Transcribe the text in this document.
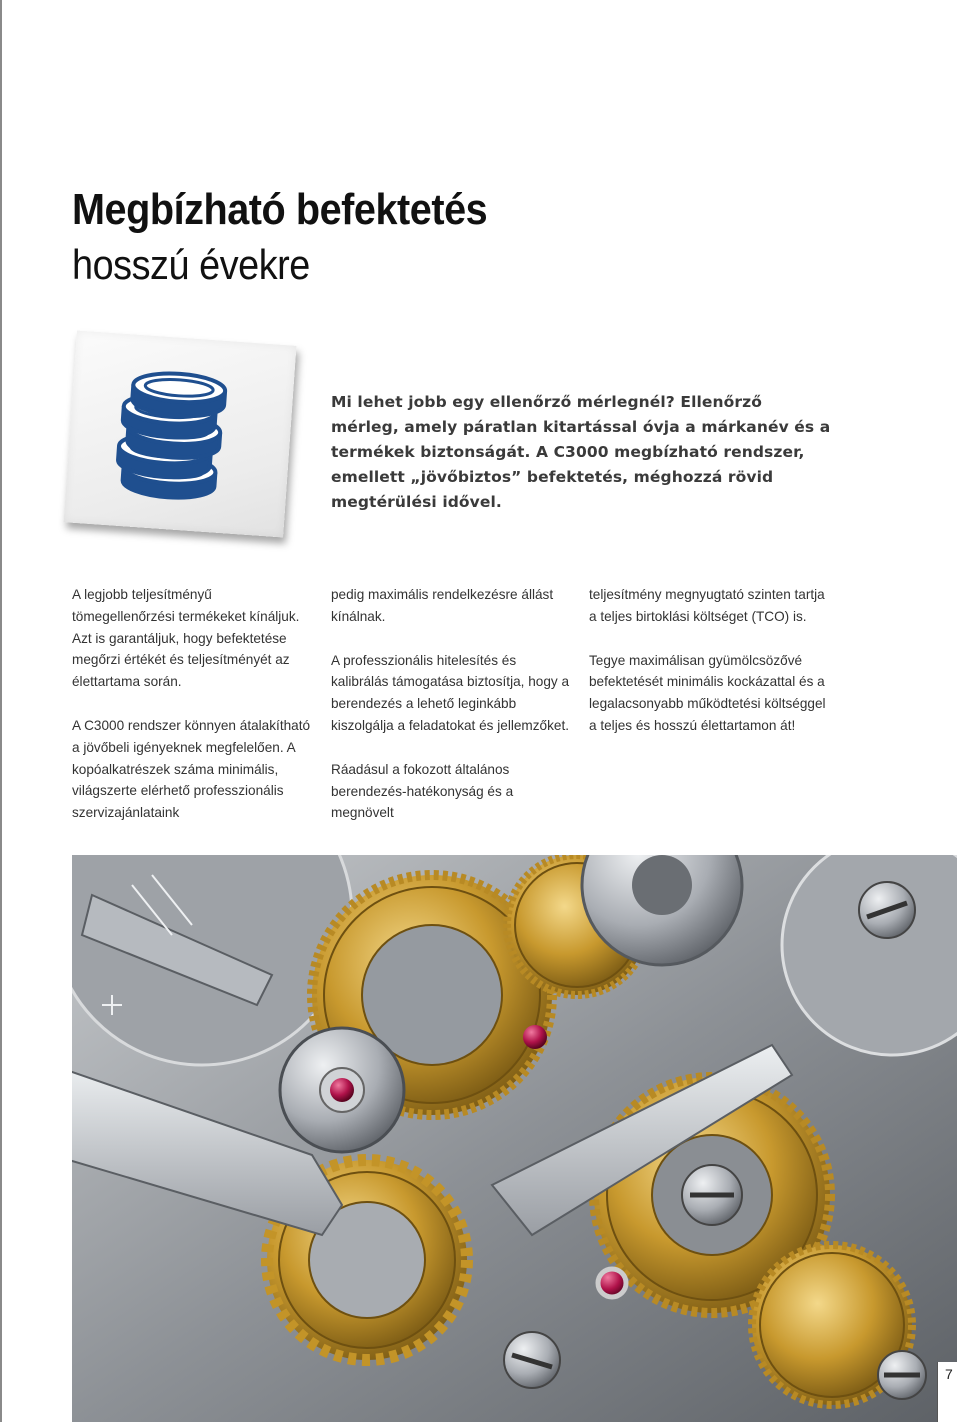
Megbízható befektetés
hosszú évekre
Mi lehet jobb egy ellenőrző mérlegnél? Ellenőrző mérleg, amely páratlan kitartással óvja a márkanév és a termékek biztonságát. A C3000 megbízható rendszer, emellett „jövőbiztos” befektetés, méghozzá rövid megtérülési idővel.

A legjobb teljesítményű tömegellenőrzési termékeket kínáljuk. Azt is garantáljuk, hogy befektetése megőrzi értékét és teljesítményét az élettartama során.

A C3000 rendszer könnyen átalakítható a jövőbeli igényeknek megfelelően. A kopóalkatrészek száma minimális, világszerte elérhető professzionális szervizajánlataink

pedig maximális rendelkezésre állást kínálnak.

A professzionális hitelesítés és kalibrálás támogatása biztosítja, hogy a berendezés a lehető leginkább kiszolgálja a feladatokat és jellemzőket.

Ráadásul a fokozott általános berendezés-hatékonyság és a megnövelt

teljesítmény megnyugtató szinten tartja a teljes birtoklási költséget (TCO) is.

Tegye maximálisan gyümölcsözővé befektetését minimális kockázattal és a legalacsonyabb működtetési költséggel a teljes és hosszú élettartamon át!

7
